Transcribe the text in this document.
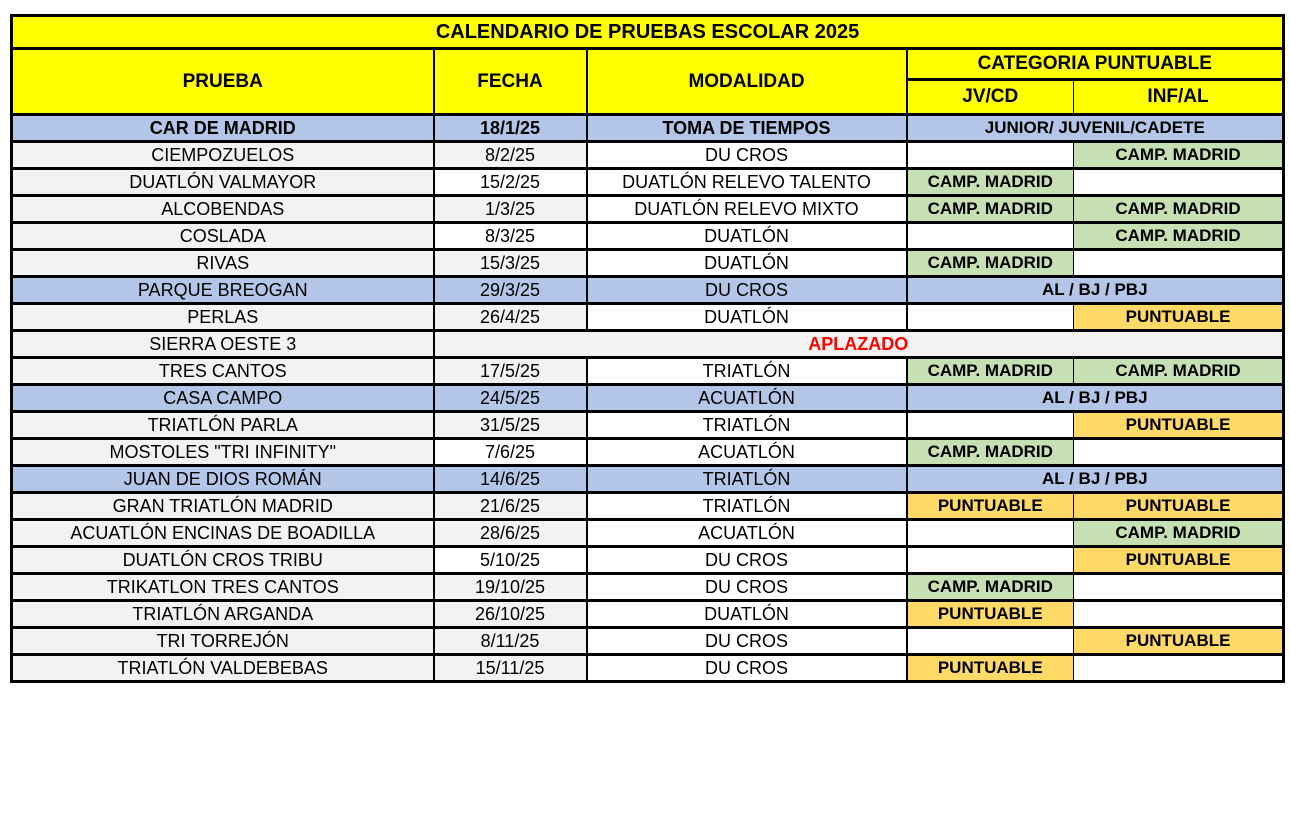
CALENDARIO DE PRUEBAS ESCOLAR 2025				
PRUEBA	FECHA	MODALIDAD	CATEGORIA PUNTUABLE	
			JV/CD	INF/AL
CAR DE MADRID	18/1/25	TOMA DE TIEMPOS	JUNIOR/ JUVENIL/CADETE	
CIEMPOZUELOS	8/2/25	DU CROS		CAMP. MADRID
DUATLÓN VALMAYOR	15/2/25	DUATLÓN RELEVO TALENTO	CAMP. MADRID	
ALCOBENDAS	1/3/25	DUATLÓN RELEVO MIXTO	CAMP. MADRID	CAMP. MADRID
COSLADA	8/3/25	DUATLÓN		CAMP. MADRID
RIVAS	15/3/25	DUATLÓN	CAMP. MADRID	
PARQUE BREOGAN	29/3/25	DU CROS	AL / BJ / PBJ	
PERLAS	26/4/25	DUATLÓN		PUNTUABLE
SIERRA OESTE 3	APLAZADO			
TRES CANTOS	17/5/25	TRIATLÓN	CAMP. MADRID	CAMP. MADRID
CASA CAMPO	24/5/25	ACUATLÓN	AL / BJ / PBJ	
TRIATLÓN PARLA	31/5/25	TRIATLÓN		PUNTUABLE
MOSTOLES "TRI INFINITY"	7/6/25	ACUATLÓN	CAMP. MADRID	
JUAN DE DIOS ROMÁN	14/6/25	TRIATLÓN	AL / BJ / PBJ	
GRAN TRIATLÓN MADRID	21/6/25	TRIATLÓN	PUNTUABLE	PUNTUABLE
ACUATLÓN ENCINAS DE BOADILLA	28/6/25	ACUATLÓN		CAMP. MADRID
DUATLÓN CROS TRIBU	5/10/25	DU CROS		PUNTUABLE
TRIKATLON TRES CANTOS	19/10/25	DU CROS	CAMP. MADRID	
TRIATLÓN ARGANDA	26/10/25	DUATLÓN	PUNTUABLE	
TRI TORREJÓN	8/11/25	DU CROS		PUNTUABLE
TRIATLÓN VALDEBEBAS	15/11/25	DU CROS	PUNTUABLE	
